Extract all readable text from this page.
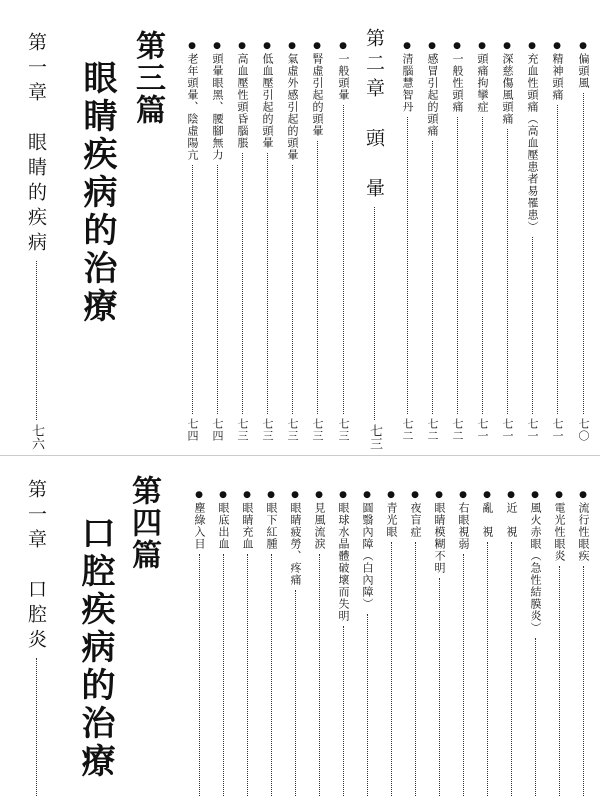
第一章　眼睛的疾病
七六
第三篇
眼睛疾病的治療
●
一般頭暈
七三
●
腎虛引起的頭暈
七三
●
氣虛外感引起的頭暈
七三
●
低血壓引起的頭暈
七三
●
高血壓性頭昏腦脹
七三
●
頭暈眼黑、腰腳無力
七四
●
老年頭暈、陰虛陽亢
七四
第二章　頭　暈
七三
●
偏頭風
七〇
●
精神頭痛
七一
●
充血性頭痛（高血壓患者易罹患）
七一
●
深慈傷風頭痛
七一
●
頭痛拘攣症
七一
●
一般性頭痛
七二
●
感冒引起的頭痛
七二
●
清腦慧智丹
七二
第一章　口腔炎	第四篇
口腔疾病的治療
●
流行性眼疾
●
電光性眼炎
●
風火赤眼（急性結膜炎）
●
近　視
●
亂　視
●
右眼視弱
●
眼睛模糊不明
●
夜盲症
●
青光眼
●
圓翳內障（白內障）
●
眼球水晶體破壞而失明
●
見風流淚
●
眼睛疲勞、疼痛
●
眼下紅腫
●
眼睛充血
●
眼底出血
●
塵綠入目
